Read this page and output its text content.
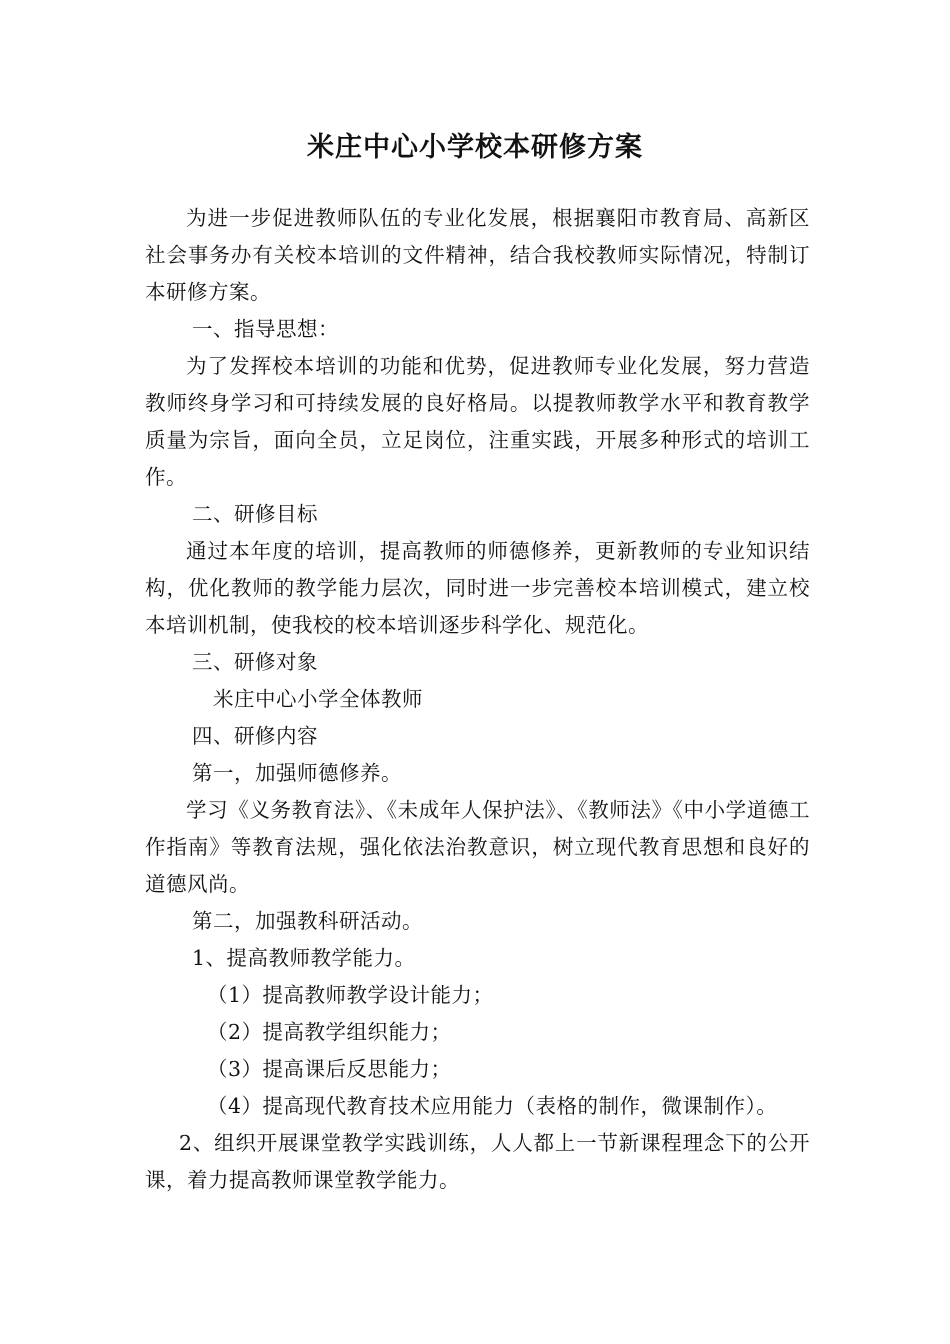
米庄中心小学校本研修方案

为进一步促进教师队伍的专业化发展，根据襄阳市教育局、高新区社会事务办有关校本培训的文件精神，结合我校教师实际情况，特制订本研修方案。

一、指导思想：

为了发挥校本培训的功能和优势，促进教师专业化发展，努力营造教师终身学习和可持续发展的良好格局。以提教师教学水平和教育教学质量为宗旨，面向全员，立足岗位，注重实践，开展多种形式的培训工作。

二、研修目标

通过本年度的培训，提高教师的师德修养，更新教师的专业知识结构，优化教师的教学能力层次，同时进一步完善校本培训模式，建立校本培训机制，使我校的校本培训逐步科学化、规范化。

三、研修对象

米庄中心小学全体教师

四、研修内容

第一，加强师德修养。

学习《义务教育法》、《未成年人保护法》、《教师法》《中小学道德工作指南》等教育法规，强化依法治教意识，树立现代教育思想和良好的道德风尚。

第二，加强教科研活动。

1、提高教师教学能力。

（1）提高教师教学设计能力；

（2）提高教学组织能力；

（3）提高课后反思能力；

（4）提高现代教育技术应用能力（表格的制作，微课制作）。

2、组织开展课堂教学实践训练，人人都上一节新课程理念下的公开课，着力提高教师课堂教学能力。
